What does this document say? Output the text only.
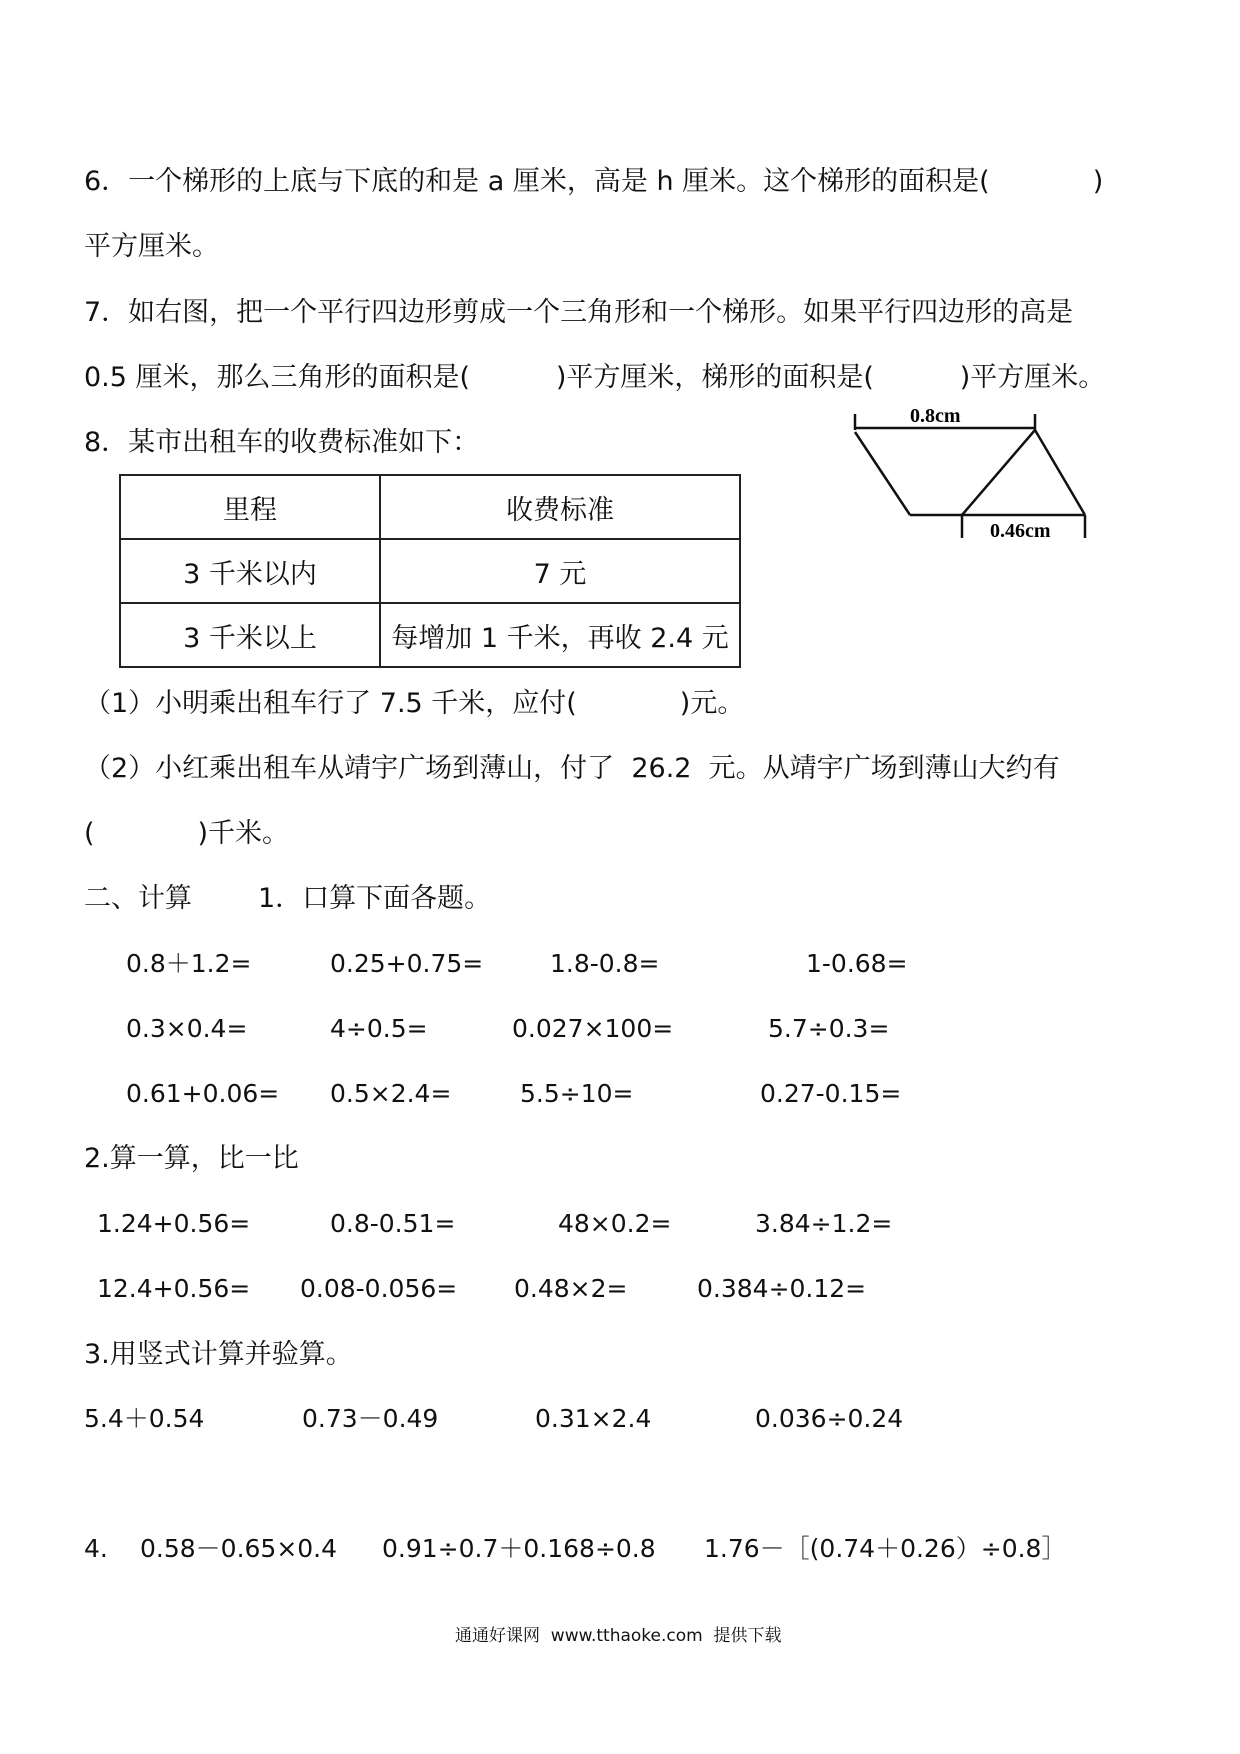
6．一个梯形的上底与下底的和是 a 厘米，高是 h 厘米。这个梯形的面积是(            )
平方厘米。
7．如右图，把一个平行四边形剪成一个三角形和一个梯形。如果平行四边形的高是
0.5 厘米，那么三角形的面积是(          )平方厘米，梯形的面积是(          )平方厘米。
0.8cm
0.46cm
8．某市出租车的收费标准如下：
里程	收费标准
3 千米以内	7 元
3 千米以上	每增加 1 千米，再收 2.4 元
（1）小明乘出租车行了 7.5 千米，应付(            )元。
（2）小红乘出租车从靖宇广场到薄山，付了  26.2  元。从靖宇广场到薄山大约有
(            )千米。
二、计算 1．口算下面各题。
0.8＋1.2=	0.25+0.75=	1.8-0.8=	1-0.68=
0.3×0.4=	4÷0.5=	0.027×100=	5.7÷0.3=
0.61+0.06= 0.5×2.4=	5.5÷10=	0.27-0.15=
2.算一算，比一比
1.24+0.56=	0.8-0.51=	48×0.2=	3.84÷1.2=
12.4+0.56= 0.08-0.056= 0.48×2=	0.384÷0.12=
3.用竖式计算并验算。
5.4＋0.54	0.73－0.49	0.31×2.4	0.036÷0.24
4. 0.58－0.65×0.4 0.91÷0.7＋0.168÷0.8 1.76－［(0.74＋0.26）÷0.8］
通通好课网  www.tthaoke.com  提供下载
